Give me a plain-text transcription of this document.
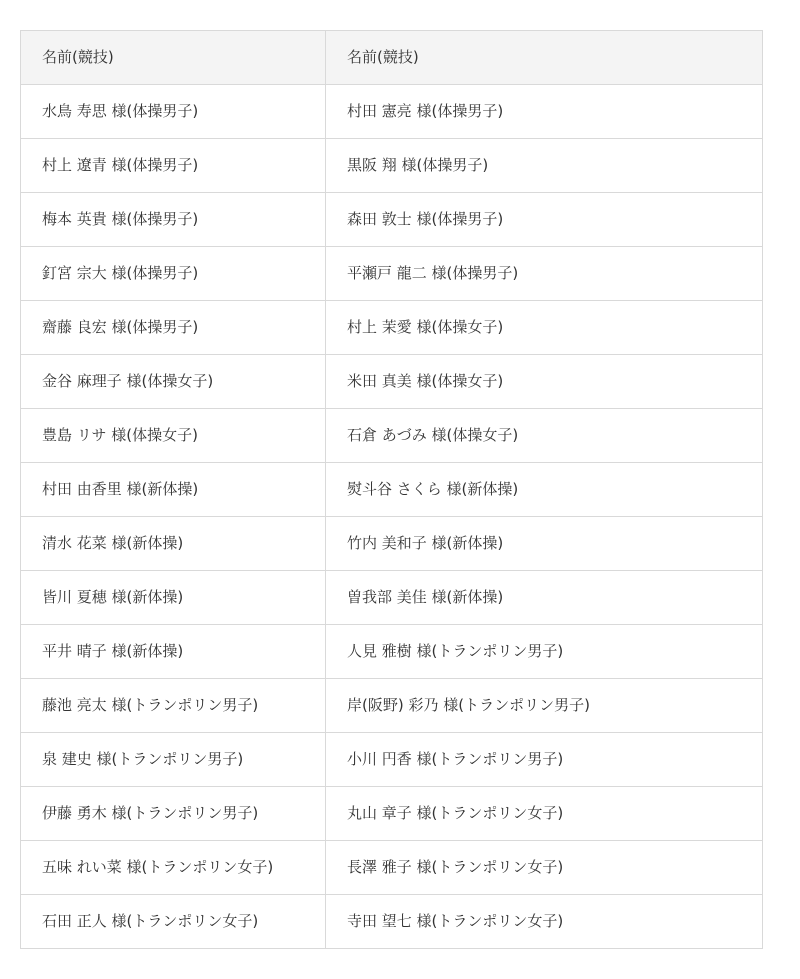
名前(競技)	名前(競技)
水鳥 寿思 様(体操男子)	村田 憲亮 様(体操男子)
村上 遼青 様(体操男子)	黒阪 翔 様(体操男子)
梅本 英貴 様(体操男子)	森田 敦士 様(体操男子)
釘宮 宗大 様(体操男子)	平瀬戸 龍二 様(体操男子)
齋藤 良宏 様(体操男子)	村上 茉愛 様(体操女子)
金谷 麻理子 様(体操女子)	米田 真美 様(体操女子)
豊島 リサ 様(体操女子)	石倉 あづみ 様(体操女子)
村田 由香里 様(新体操)	熨斗谷 さくら 様(新体操)
清水 花菜 様(新体操)	竹内 美和子 様(新体操)
皆川 夏穂 様(新体操)	曽我部 美佳 様(新体操)
平井 晴子 様(新体操)	人見 雅樹 様(トランポリン男子)
藤池 亮太 様(トランポリン男子)	岸(阪野) 彩乃 様(トランポリン男子)
泉 建史 様(トランポリン男子)	小川 円香 様(トランポリン男子)
伊藤 勇木 様(トランポリン男子)	丸山 章子 様(トランポリン女子)
五味 れい菜 様(トランポリン女子)	長澤 雅子 様(トランポリン女子)
石田 正人 様(トランポリン女子)	寺田 望七 様(トランポリン女子)
